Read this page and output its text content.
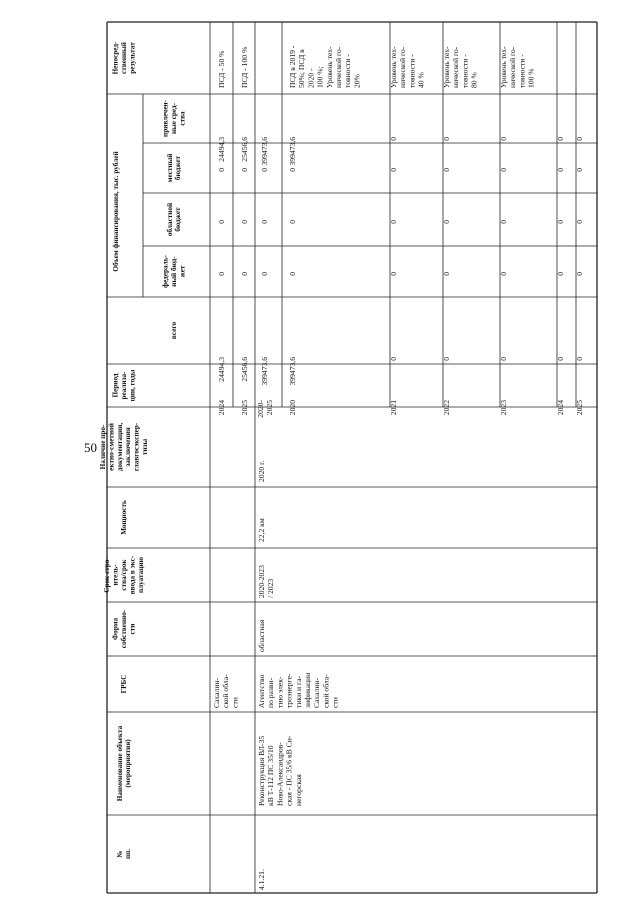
50
№пп.
Наименование объекта(мероприятия)
ГРБС
Формасобственно-сти
Срок стро-итель-ства/срокввода в экс-плуатацию
Мощность
Наличие про-ектно-сметнойдокументации,заключенияглавгосэкспер-тизы
Периодреализа-ции, годы
Непосред-ственныйрезультат
Объем финансирования, тыс. рублей
всего
федераль-ный бюд-жет
областнойбюджет
местныйбюджет
привлечен-ные сред-ства
Сахалин-ской обла-сти
2024
24494,3
0
0
0
24494,3
ПСД - 50 %
2025
25456,6
0
0
0
25456,6
ПСД - 100 %
4.1.21.
Реконструкция ВЛ-35кВ Т-112 ПС 35/10Ново-Александров-ская - ПС 35/6 кВ Си-негорская
Агентствопо разви-тию элек-троэнерге-тики и га-зификацииСахалин-ской обла-сти
областная
2020-2023/ 2023
22,2 км
2020 г.
2020-2025
399473,6
0
0
0
399473,6
2020
399473,6
0
0
0
399473,6
ПСД в 2019 -50%; ПСД в2020 -100 %;Уровень тех-нической го-товности -20%
2021
0
0
0
0
0
Уровень тех-нической го-товности -40 %
2022
0
0
0
0
0
Уровень тех-нической го-товности -80 %
2023
0
0
0
0
0
Уровень тех-нической го-товности -100 %
2024
0
0
0
0
0
2025
0
0
0
0
0
